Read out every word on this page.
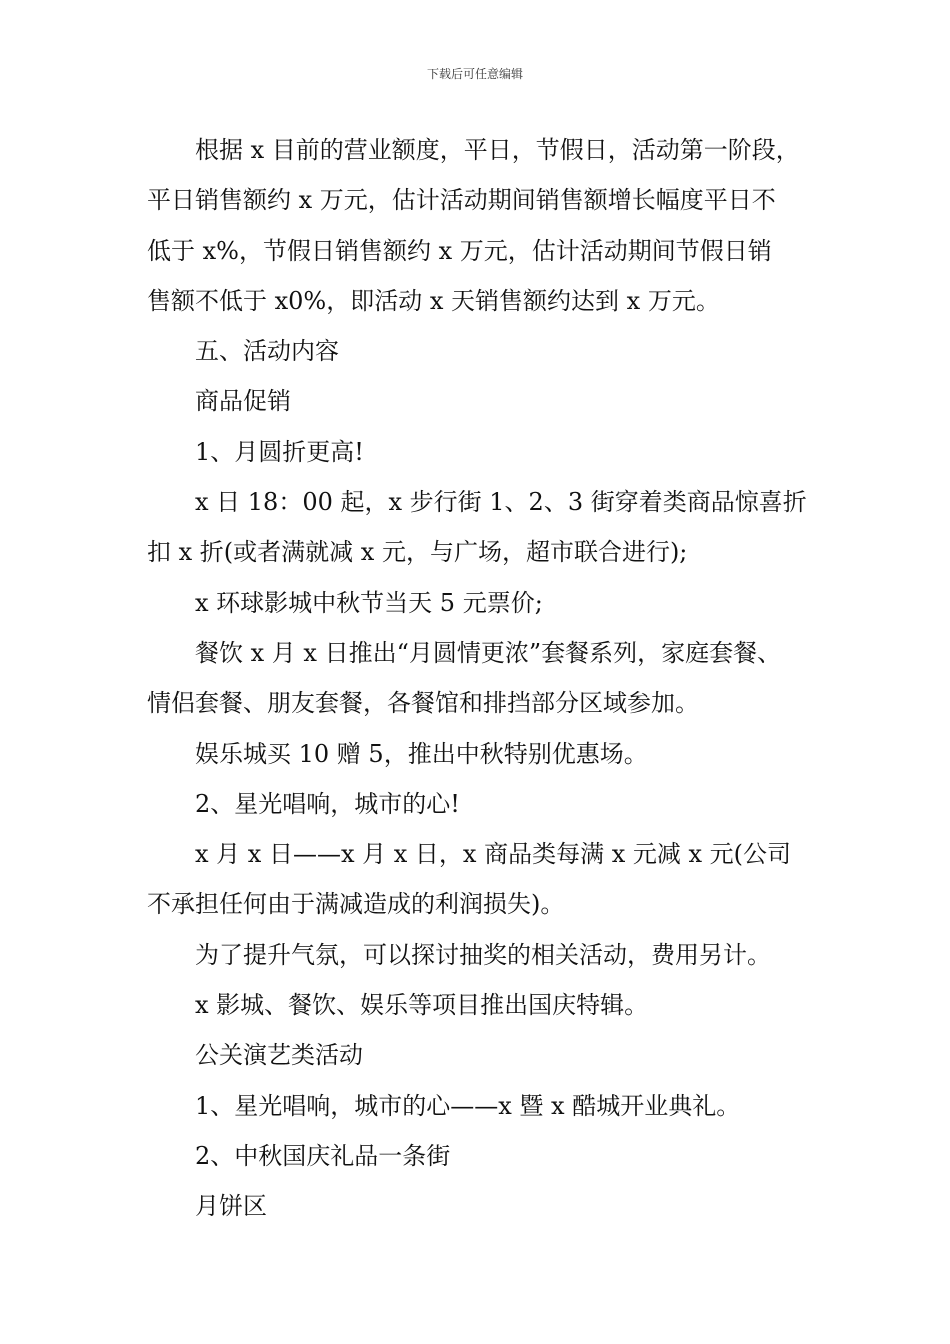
下载后可任意编辑
根据 x 目前的营业额度，平日，节假日，活动第一阶段，
平日销售额约 x 万元，估计活动期间销售额增长幅度平日不
低于 x%，节假日销售额约 x 万元，估计活动期间节假日销
售额不低于 x0%，即活动 x 天销售额约达到 x 万元。
五、活动内容
商品促销
1、月圆折更高!
x 日 18：00 起，x 步行街 1、2、3 街穿着类商品惊喜折
扣 x 折(或者满就减 x 元，与广场，超市联合进行);
x 环球影城中秋节当天 5 元票价;
餐饮 x 月 x 日推出“月圆情更浓”套餐系列，家庭套餐、
情侣套餐、朋友套餐，各餐馆和排挡部分区域参加。
娱乐城买 10 赠 5，推出中秋特别优惠场。
2、星光唱响，城市的心!
x 月 x 日——x 月 x 日，x 商品类每满 x 元减 x 元(公司
不承担任何由于满减造成的利润损失)。
为了提升气氛，可以探讨抽奖的相关活动，费用另计。
x 影城、餐饮、娱乐等项目推出国庆特辑。
公关演艺类活动
1、星光唱响，城市的心——x 暨 x 酷城开业典礼。
2、中秋国庆礼品一条街
月饼区
